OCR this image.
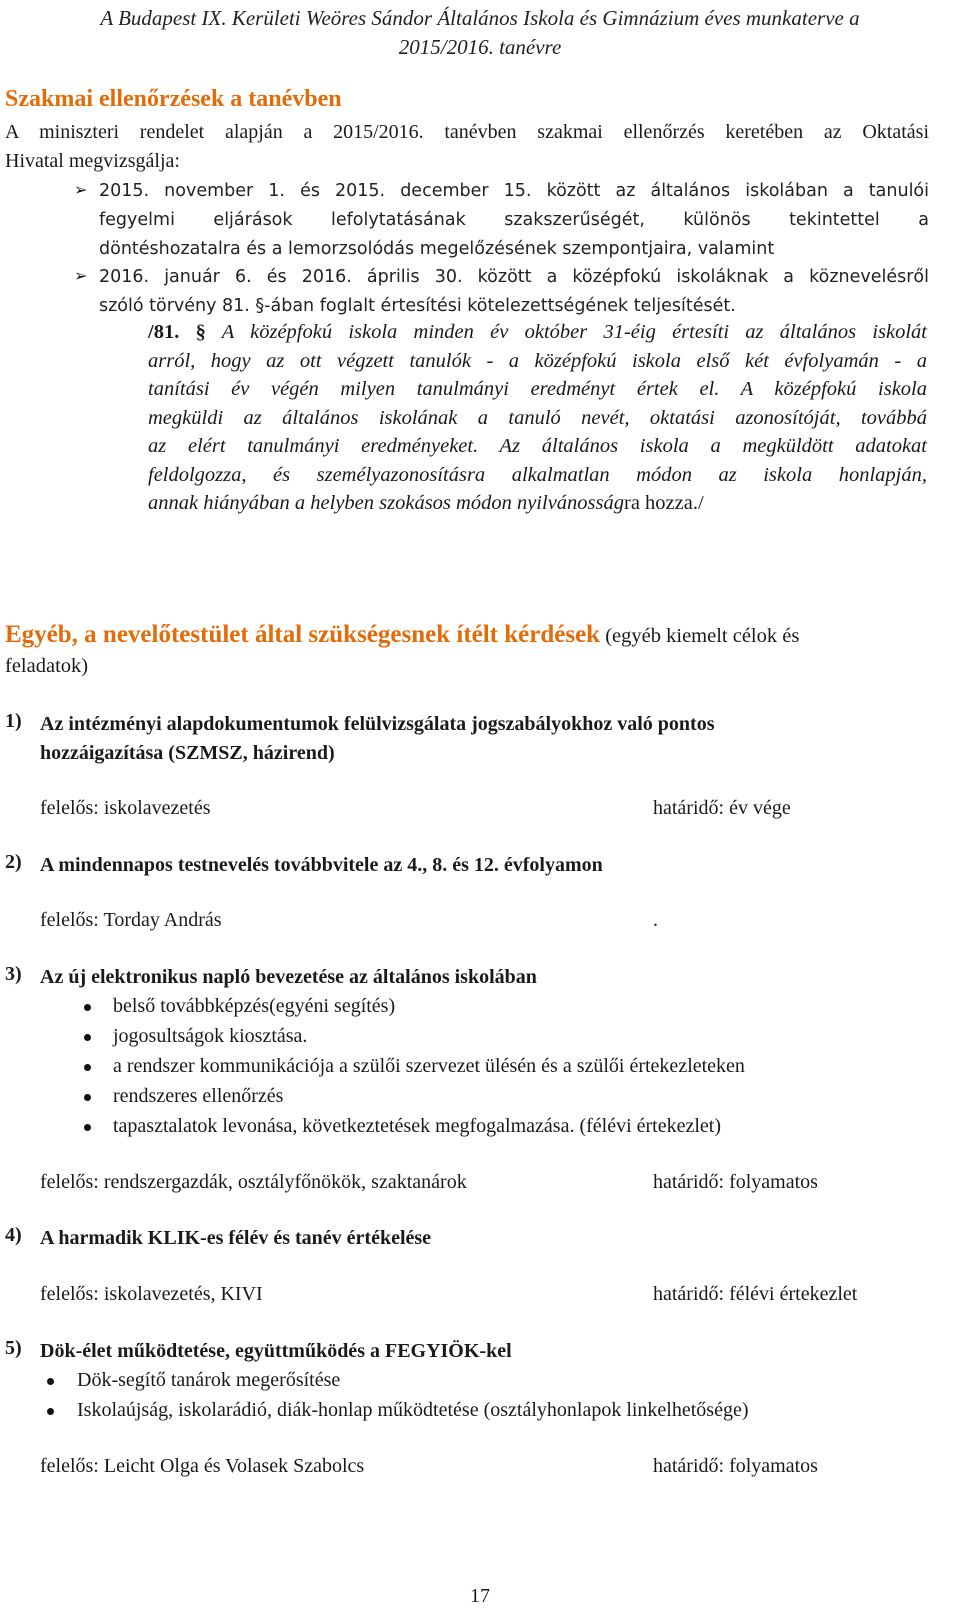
A Budapest IX. Kerületi Weöres Sándor Általános Iskola és Gimnázium éves munkaterve a
2015/2016. tanévre
Szakmai ellenőrzések a tanévben
A miniszteri rendelet alapján a 2015/2016. tanévben szakmai ellenőrzés keretében az Oktatási
Hivatal megvizsgálja:
➢ 2015. november 1. és 2015. december 15. között az általános iskolában a tanulói
fegyelmi eljárások lefolytatásának szakszerűségét, különös tekintettel a
döntéshozatalra és a lemorzsolódás megelőzésének szempontjaira, valamint
➢ 2016. január 6. és 2016. április 30. között a középfokú iskoláknak a köznevelésről
szóló törvény 81. §-ában foglalt értesítési kötelezettségének teljesítését.
/81. § A középfokú iskola minden év október 31-éig értesíti az általános iskolát
arról, hogy az ott végzett tanulók - a középfokú iskola első két évfolyamán - a
tanítási év végén milyen tanulmányi eredményt értek el. A középfokú iskola
megküldi az általános iskolának a tanuló nevét, oktatási azonosítóját, továbbá
az elért tanulmányi eredményeket. Az általános iskola a megküldött adatokat
feldolgozza, és személyazonosításra alkalmatlan módon az iskola honlapján,
annak hiányában a helyben szokásos módon nyilvánosságra hozza./
Egyéb, a nevelőtestület által szükségesnek ítélt kérdések (egyéb kiemelt célok és
feladatok)
1) Az intézményi alapdokumentumok felülvizsgálata jogszabályokhoz való pontos
hozzáigazítása (SZMSZ, házirend)
felelős: iskolavezetés	határidő: év vége
2) A mindennapos testnevelés továbbvitele az 4., 8. és 12. évfolyamon
felelős: Torday András	.
3) Az új elektronikus napló bevezetése az általános iskolában
belső továbbképzés(egyéni segítés)
jogosultságok kiosztása.
a rendszer kommunikációja a szülői szervezet ülésén és a szülői értekezleteken
rendszeres ellenőrzés
tapasztalatok levonása, következtetések megfogalmazása. (félévi értekezlet)
felelős: rendszergazdák, osztályfőnökök, szaktanárok	határidő: folyamatos
4) A harmadik KLIK-es félév és tanév értékelése
felelős: iskolavezetés, KIVI	határidő: félévi értekezlet
5) Dök-élet működtetése, együttműködés a FEGYIÖK-kel
Dök-segítő tanárok megerősítése
Iskolaújság, iskolarádió, diák-honlap működtetése (osztályhonlapok linkelhetősége)
felelős: Leicht Olga és Volasek Szabolcs	határidő: folyamatos
17
